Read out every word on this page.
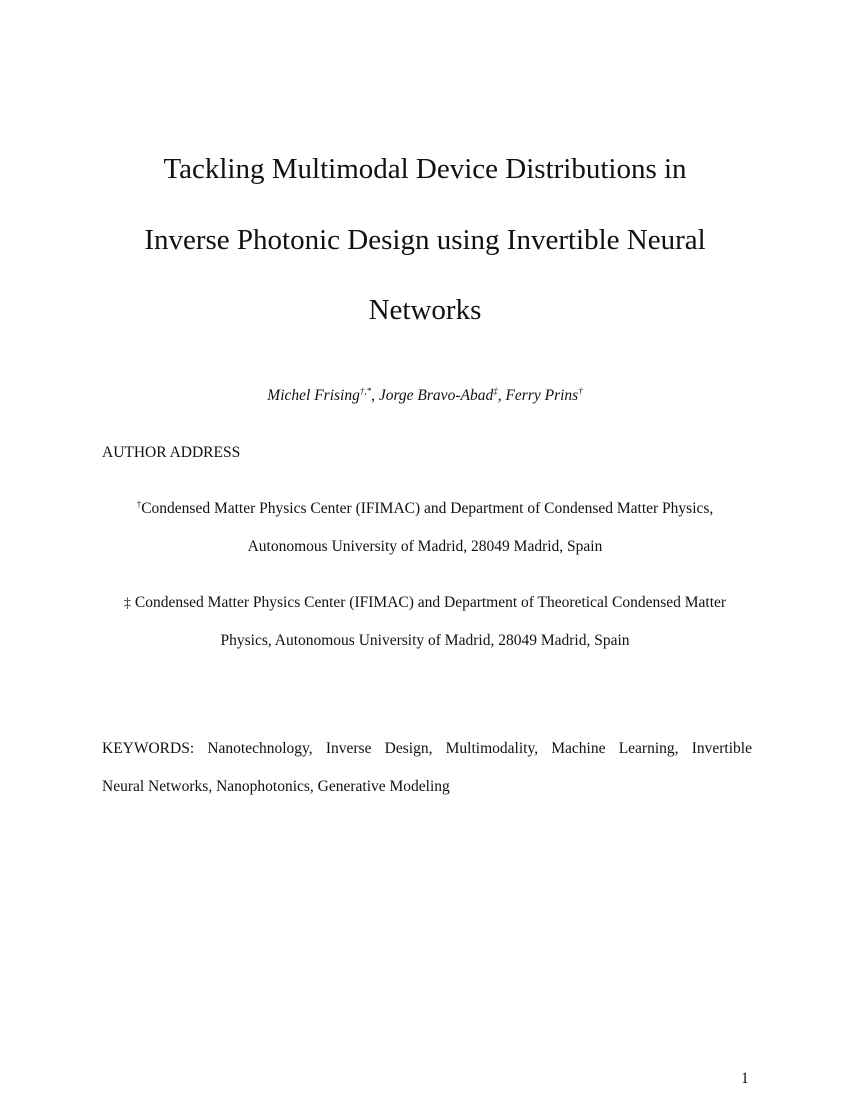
Tackling Multimodal Device Distributions in
Inverse Photonic Design using Invertible Neural
Networks
Michel Frising†,*, Jorge Bravo-Abad‡, Ferry Prins†
AUTHOR ADDRESS
†Condensed Matter Physics Center (IFIMAC) and Department of Condensed Matter Physics,
Autonomous University of Madrid, 28049 Madrid, Spain
‡ Condensed Matter Physics Center (IFIMAC) and Department of Theoretical Condensed Matter
Physics, Autonomous University of Madrid, 28049 Madrid, Spain
KEYWORDS: Nanotechnology, Inverse Design, Multimodality, Machine Learning, Invertible
Neural Networks, Nanophotonics, Generative Modeling
1
